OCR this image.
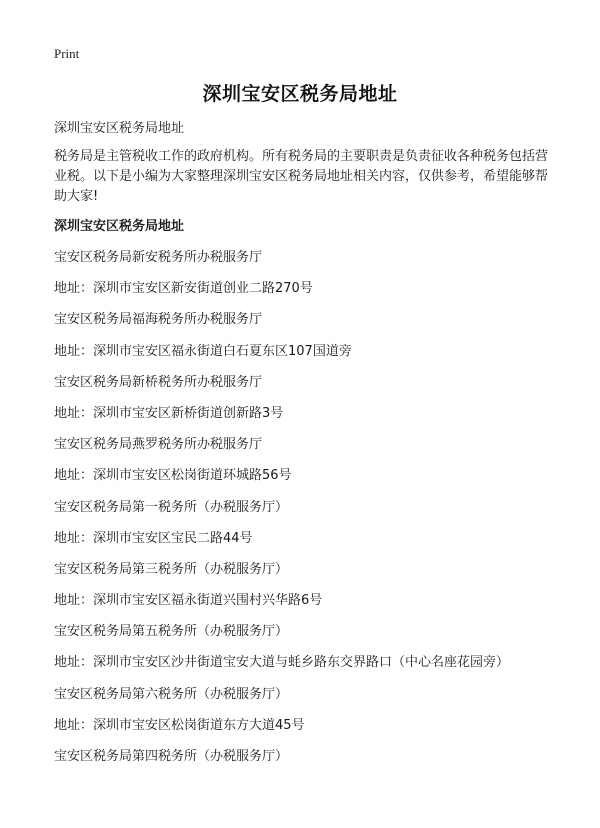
Print
深圳宝安区税务局地址

深圳宝安区税务局地址

税务局是主管税收工作的政府机构。所有税务局的主要职责是负责征收各种税务包括营业税。以下是小编为大家整理深圳宝安区税务局地址相关内容，仅供参考，希望能够帮助大家!

深圳宝安区税务局地址

宝安区税务局新安税务所办税服务厅

地址：深圳市宝安区新安街道创业二路270号

宝安区税务局福海税务所办税服务厅

地址：深圳市宝安区福永街道白石夏东区107国道旁

宝安区税务局新桥税务所办税服务厅

地址：深圳市宝安区新桥街道创新路3号

宝安区税务局燕罗税务所办税服务厅

地址：深圳市宝安区松岗街道环城路56号

宝安区税务局第一税务所（办税服务厅）

地址：深圳市宝安区宝民二路44号

宝安区税务局第三税务所（办税服务厅）

地址：深圳市宝安区福永街道兴围村兴华路6号

宝安区税务局第五税务所（办税服务厅）

地址：深圳市宝安区沙井街道宝安大道与蚝乡路东交界路口（中心名座花园旁）

宝安区税务局第六税务所（办税服务厅）

地址：深圳市宝安区松岗街道东方大道45号

宝安区税务局第四税务所（办税服务厅）
